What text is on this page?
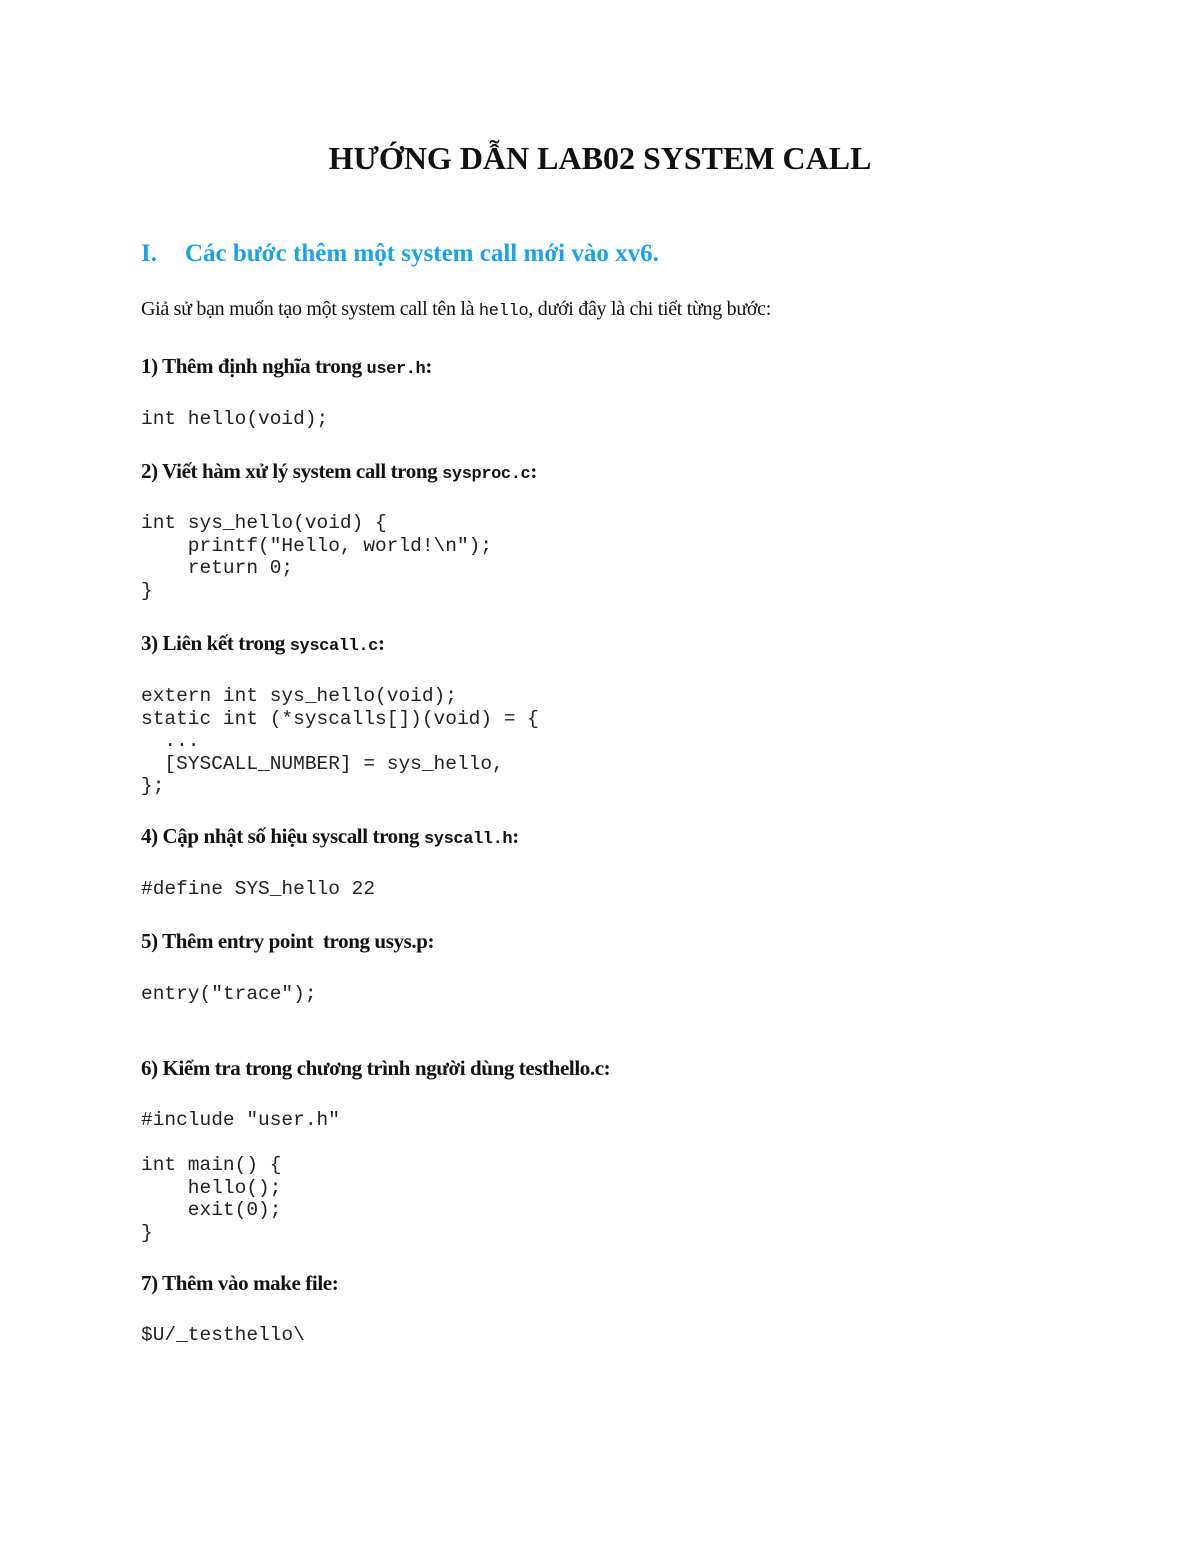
HƯỚNG DẪN LAB02 SYSTEM CALL
I. Các bước thêm một system call mới vào xv6.
Giả sử bạn muốn tạo một system call tên là hello, dưới đây là chi tiết từng bước:
1) Thêm định nghĩa trong user.h:
int hello(void);
2) Viết hàm xử lý system call trong sysproc.c:
int sys_hello(void) {
printf("Hello, world!\n");
return 0;
}
3) Liên kết trong syscall.c:
extern int sys_hello(void);
static int (*syscalls[])(void) = {
...
[SYSCALL_NUMBER] = sys_hello,
};
4) Cập nhật số hiệu syscall trong syscall.h:
#define SYS_hello 22
5) Thêm entry point  trong usys.p:
entry("trace");
6) Kiểm tra trong chương trình người dùng testhello.c:
#include "user.h"

int main() {
hello();
exit(0);
}
7) Thêm vào make file:
$U/_testhello\
